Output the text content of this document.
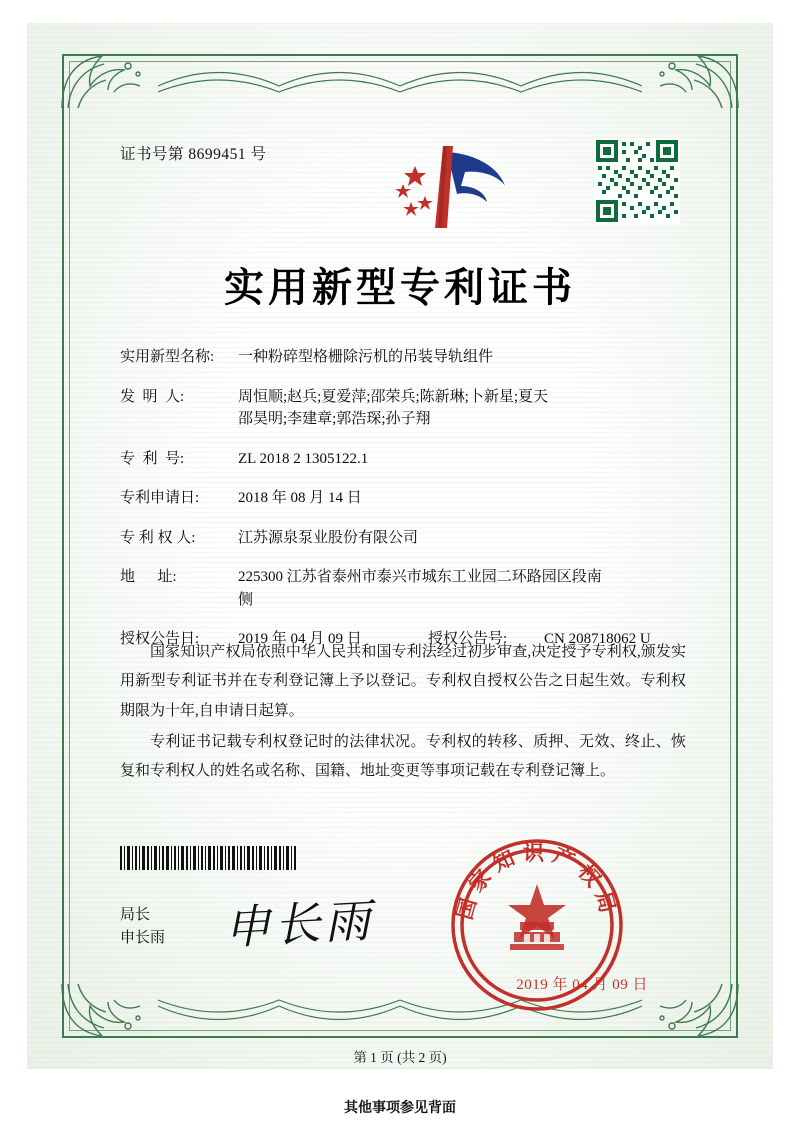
证书号第 8699451 号
实用新型专利证书
实用新型名称:	一种粉碎型格栅除污机的吊装导轨组件
发  明  人:	周恒顺;赵兵;夏爱萍;邵荣兵;陈新琳;卜新星;夏天
邵昊明;李建章;郭浩琛;孙子翔
专  利  号:	ZL 2018 2 1305122.1
专利申请日:	2018 年 08 月 14 日
专 利 权 人:	江苏源泉泵业股份有限公司
地      址:	225300 江苏省泰州市泰兴市城东工业园二环路园区段南
侧
授权公告日:	2019 年 04 月 09 日	授权公告号:	CN 208718062 U

国家知识产权局依照中华人民共和国专利法经过初步审查,决定授予专利权,颁发实用新型专利证书并在专利登记簿上予以登记。专利权自授权公告之日起生效。专利权期限为十年,自申请日起算。

专利证书记载专利权登记时的法律状况。专利权的转移、质押、无效、终止、恢复和专利权人的姓名或名称、国籍、地址变更等事项记载在专利登记簿上。

局长
申长雨 申长雨	国家知识产权局
2019 年 04 月 09 日
第 1 页 (共 2 页)
其他事项参见背面
